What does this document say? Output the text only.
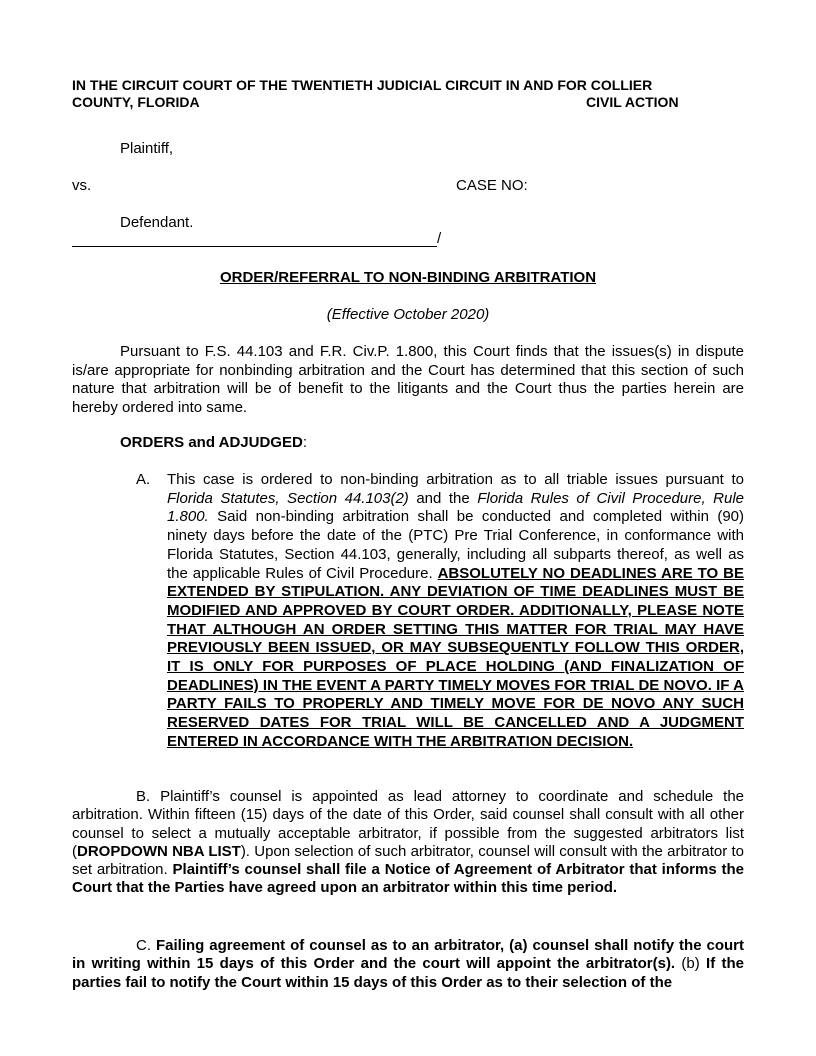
IN THE CIRCUIT COURT OF THE TWENTIETH JUDICIAL CIRCUIT IN AND FOR COLLIER
COUNTY, FLORIDA	CIVIL ACTION
Plaintiff,
vs.	CASE NO:
Defendant.
/
ORDER/REFERRAL TO NON-BINDING ARBITRATION
(Effective October 2020)
Pursuant to F.S. 44.103 and F.R. Civ.P. 1.800, this Court finds that the issues(s) in dispute is/are appropriate for nonbinding arbitration and the Court has determined that this section of such nature that arbitration will be of benefit to the litigants and the Court thus the parties herein are hereby ordered into same.
ORDERS and ADJUDGED:
A. This case is ordered to non-binding arbitration as to all triable issues pursuant to Florida Statutes, Section 44.103(2) and the Florida Rules of Civil Procedure, Rule 1.800. Said non-binding arbitration shall be conducted and completed within (90) ninety days before the date of the (PTC) Pre Trial Conference, in conformance with Florida Statutes, Section 44.103, generally, including all subparts thereof, as well as the applicable Rules of Civil Procedure. ABSOLUTELY NO DEADLINES ARE TO BE EXTENDED BY STIPULATION. ANY DEVIATION OF TIME DEADLINES MUST BE MODIFIED AND APPROVED BY COURT ORDER. ADDITIONALLY, PLEASE NOTE THAT ALTHOUGH AN ORDER SETTING THIS MATTER FOR TRIAL MAY HAVE PREVIOUSLY BEEN ISSUED, OR MAY SUBSEQUENTLY FOLLOW THIS ORDER, IT IS ONLY FOR PURPOSES OF PLACE HOLDING (AND FINALIZATION OF DEADLINES) IN THE EVENT A PARTY TIMELY MOVES FOR TRIAL DE NOVO. IF A PARTY FAILS TO PROPERLY AND TIMELY MOVE FOR DE NOVO ANY SUCH RESERVED DATES FOR TRIAL WILL BE CANCELLED AND A JUDGMENT ENTERED IN ACCORDANCE WITH THE ARBITRATION DECISION.
B. Plaintiff’s counsel is appointed as lead attorney to coordinate and schedule the arbitration. Within fifteen (15) days of the date of this Order, said counsel shall consult with all other counsel to select a mutually acceptable arbitrator, if possible from the suggested arbitrators list (DROPDOWN NBA LIST). Upon selection of such arbitrator, counsel will consult with the arbitrator to set arbitration. Plaintiff’s counsel shall file a Notice of Agreement of Arbitrator that informs the Court that the Parties have agreed upon an arbitrator within this time period.
C. Failing agreement of counsel as to an arbitrator, (a) counsel shall notify the court in writing within 15 days of this Order and the court will appoint the arbitrator(s). (b) If the parties fail to notify the Court within 15 days of this Order as to their selection of the
